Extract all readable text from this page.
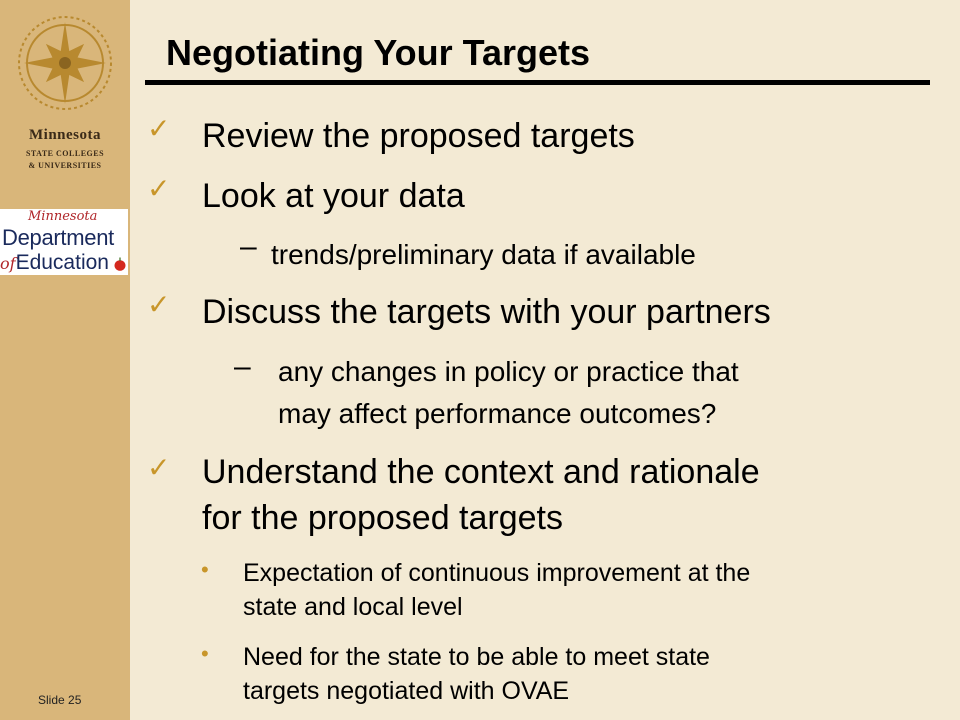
Minnesota
STATE COLLEGES
& UNIVERSITIES
Minnesota
Department
ofEducation
Slide 25
Negotiating Your Targets
✓ Review the proposed targets
✓ Look at your data
– trends/preliminary data if available
✓ Discuss the targets with your partners
– any changes in policy or practice that
may affect performance outcomes?
✓ Understand the context and rationale
for the proposed targets
• Expectation of continuous improvement at the
state and local level
• Need for the state to be able to meet state
targets negotiated with OVAE
